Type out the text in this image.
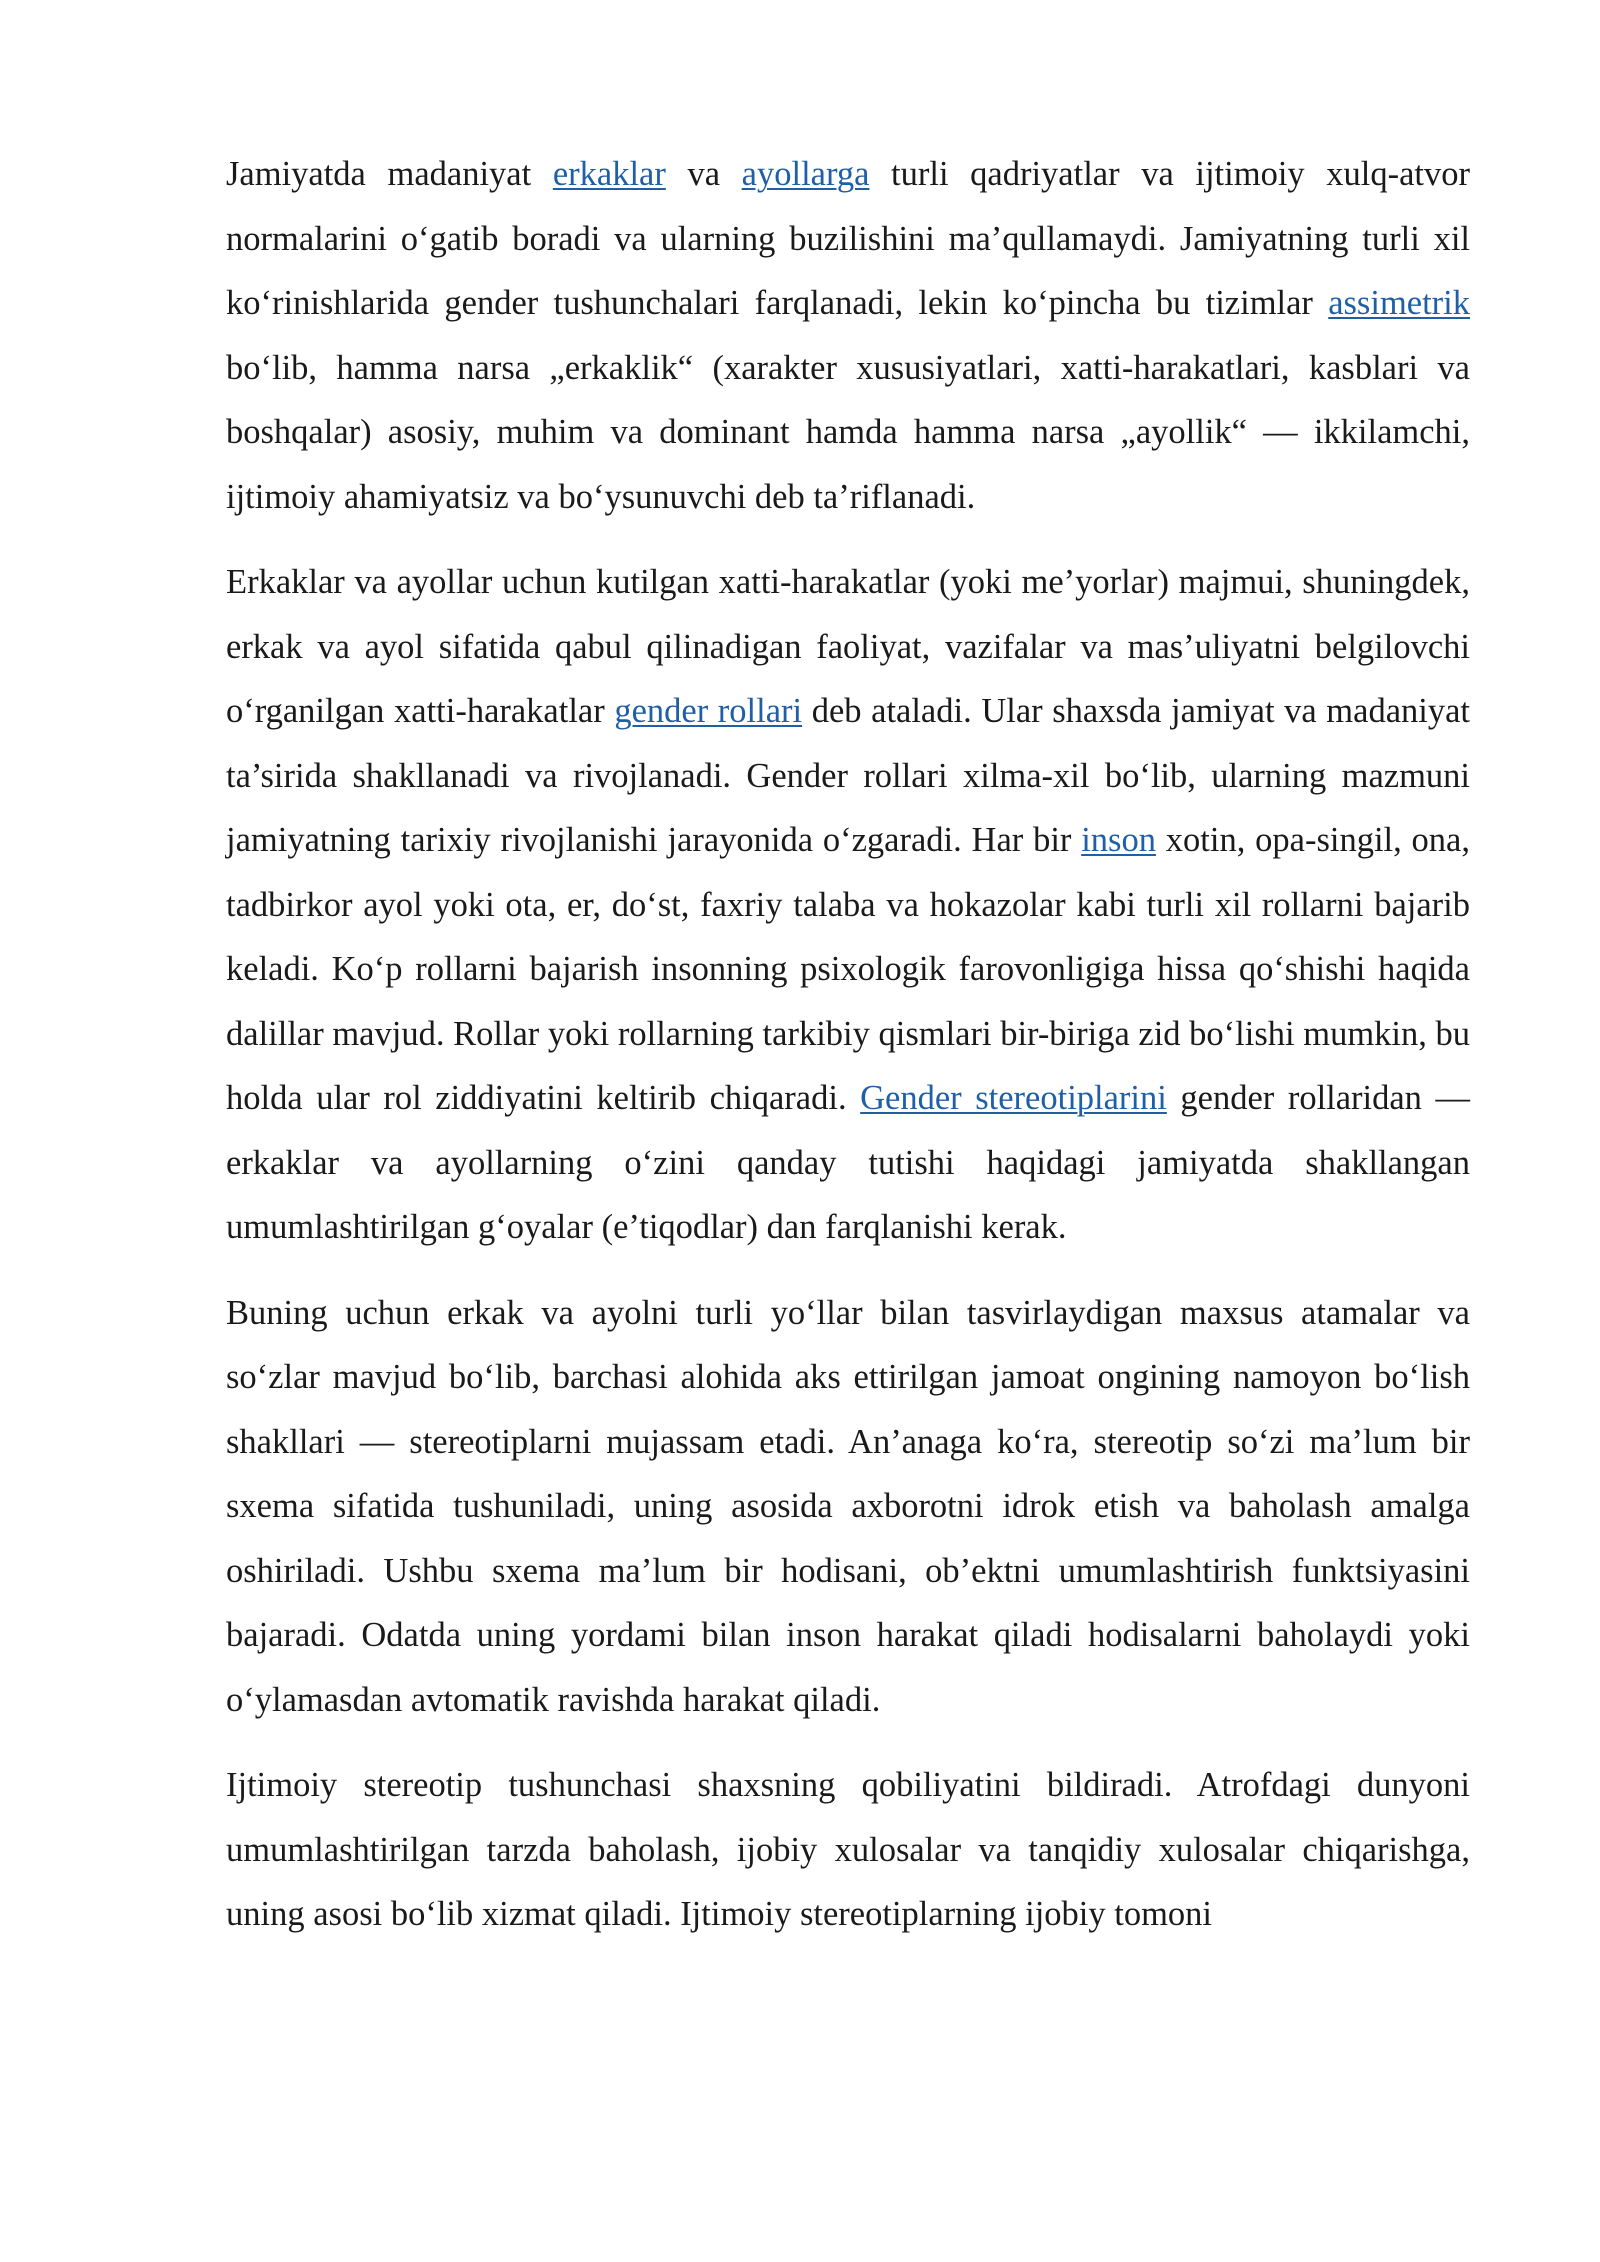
Jamiyatda madaniyat erkaklar va ayollarga turli qadriyatlar va ijtimoiy xulq-atvor normalarini o‘gatib boradi va ularning buzilishini ma’qullamaydi. Jamiyatning turli xil ko‘rinishlarida gender tushunchalari farqlanadi, lekin ko‘pincha bu tizimlar assimetrik bo‘lib, hamma narsa „erkaklik“ (xarakter xususiyatlari, xatti-harakatlari, kasblari va boshqalar) asosiy, muhim va dominant hamda hamma narsa „ayollik“ — ikkilamchi, ijtimoiy ahamiyatsiz va bo‘ysunuvchi deb ta’riflanadi.

Erkaklar va ayollar uchun kutilgan xatti-harakatlar (yoki me’yorlar) majmui, shuningdek, erkak va ayol sifatida qabul qilinadigan faoliyat, vazifalar va mas’uliyatni belgilovchi o‘rganilgan xatti-harakatlar gender rollari deb ataladi. Ular shaxsda jamiyat va madaniyat ta’sirida shakllanadi va rivojlanadi. Gender rollari xilma-xil bo‘lib, ularning mazmuni jamiyatning tarixiy rivojlanishi jarayonida o‘zgaradi. Har bir inson xotin, opa-singil, ona, tadbirkor ayol yoki ota, er, do‘st, faxriy talaba va hokazolar kabi turli xil rollarni bajarib keladi. Ko‘p rollarni bajarish insonning psixologik farovonligiga hissa qo‘shishi haqida dalillar mavjud. Rollar yoki rollarning tarkibiy qismlari bir-biriga zid bo‘lishi mumkin, bu holda ular rol ziddiyatini keltirib chiqaradi. Gender stereotiplarini gender rollaridan — erkaklar va ayollarning o‘zini qanday tutishi haqidagi jamiyatda shakllangan umumlashtirilgan g‘oyalar (e’tiqodlar) dan farqlanishi kerak.

Buning uchun erkak va ayolni turli yo‘llar bilan tasvirlaydigan maxsus atamalar va so‘zlar mavjud bo‘lib, barchasi alohida aks ettirilgan jamoat ongining namoyon bo‘lish shakllari — stereotiplarni mujassam etadi. An’anaga ko‘ra, stereotip so‘zi ma’lum bir sxema sifatida tushuniladi, uning asosida axborotni idrok etish va baholash amalga oshiriladi. Ushbu sxema ma’lum bir hodisani, ob’ektni umumlashtirish funktsiyasini bajaradi. Odatda uning yordami bilan inson harakat qiladi hodisalarni baholaydi yoki o‘ylamasdan avtomatik ravishda harakat qiladi.

Ijtimoiy stereotip tushunchasi shaxsning qobiliyatini bildiradi. Atrofdagi dunyoni umumlashtirilgan tarzda baholash, ijobiy xulosalar va tanqidiy xulosalar chiqarishga, uning asosi bo‘lib xizmat qiladi. Ijtimoiy stereotiplarning ijobiy tomoni
